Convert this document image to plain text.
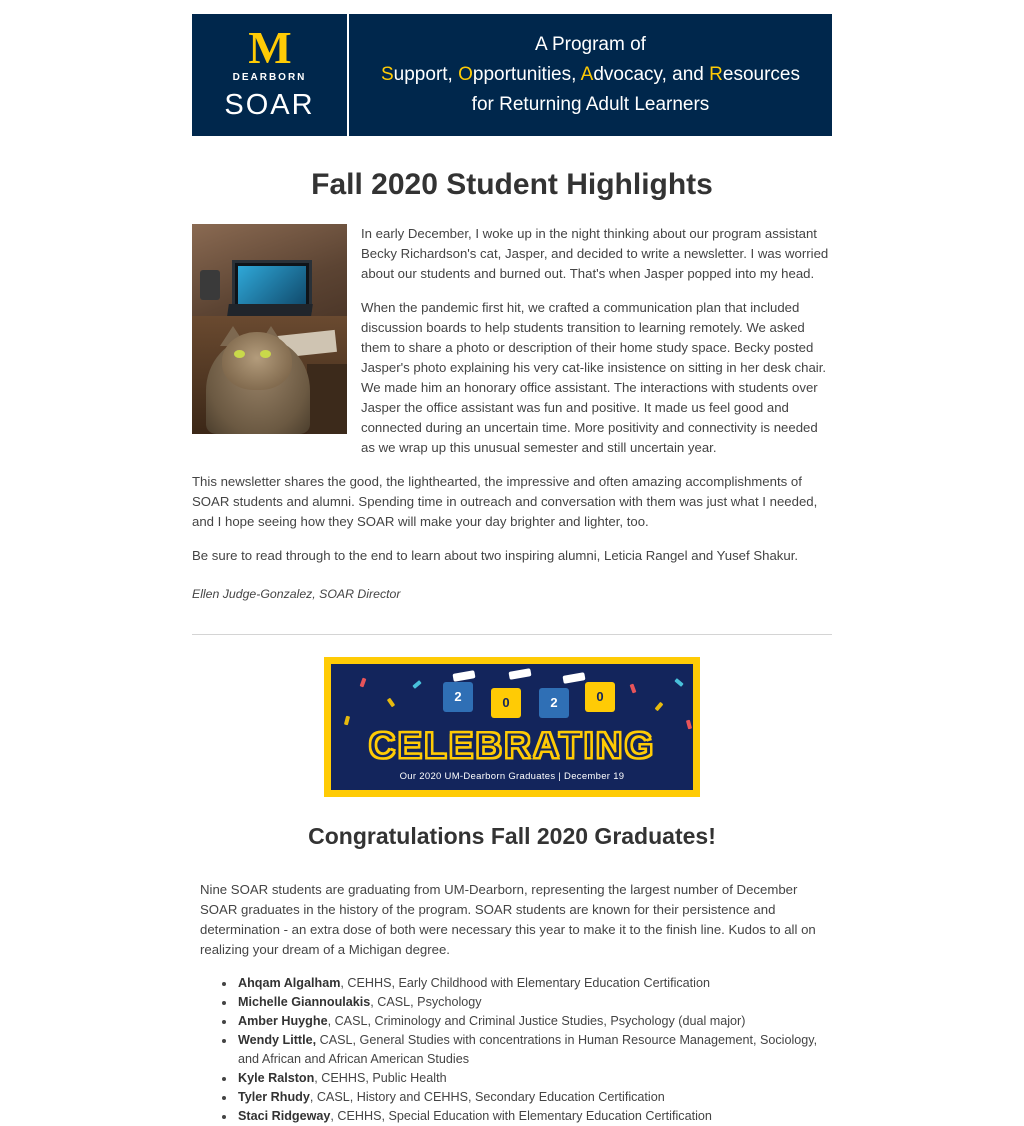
M
DEARBORN
SOAR
A Program of
Support, Opportunities, Advocacy, and Resources
for Returning Adult Learners
Fall 2020 Student Highlights

In early December, I woke up in the night thinking about our program assistant Becky Richardson's cat, Jasper, and decided to write a newsletter. I was worried about our students and burned out. That's when Jasper popped into my head.

When the pandemic first hit, we crafted a communication plan that included discussion boards to help students transition to learning remotely. We asked them to share a photo or description of their home study space. Becky posted Jasper's photo explaining his very cat-like insistence on sitting in her desk chair. We made him an honorary office assistant. The interactions with students over Jasper the office assistant was fun and positive. It made us feel good and connected during an uncertain time. More positivity and connectivity is needed as we wrap up this unusual semester and still uncertain year.

This newsletter shares the good, the lighthearted, the impressive and often amazing accomplishments of SOAR students and alumni. Spending time in outreach and conversation with them was just what I needed, and I hope seeing how they SOAR will make your day brighter and lighter, too.

Be sure to read through to the end to learn about two inspiring alumni, Leticia Rangel and Yusef Shakur.

Ellen Judge-Gonzalez, SOAR Director
2	0	2	0
CELEBRATING
Our 2020 UM-Dearborn Graduates | December 19
Congratulations Fall 2020 Graduates!

Nine SOAR students are graduating from UM-Dearborn, representing the largest number of December SOAR graduates in the history of the program. SOAR students are known for their persistence and determination - an extra dose of both were necessary this year to make it to the finish line. Kudos to all on realizing your dream of a Michigan degree.

• Ahqam Algalham, CEHHS, Early Childhood with Elementary Education Certification
• Michelle Giannoulakis, CASL, Psychology
• Amber Huyghe, CASL, Criminology and Criminal Justice Studies, Psychology (dual major)
• Wendy Little, CASL, General Studies with concentrations in Human Resource Management, Sociology, and African and African American Studies
• Kyle Ralston, CEHHS, Public Health
• Tyler Rhudy, CASL, History and CEHHS, Secondary Education Certification
• Staci Ridgeway, CEHHS, Special Education with Elementary Education Certification
